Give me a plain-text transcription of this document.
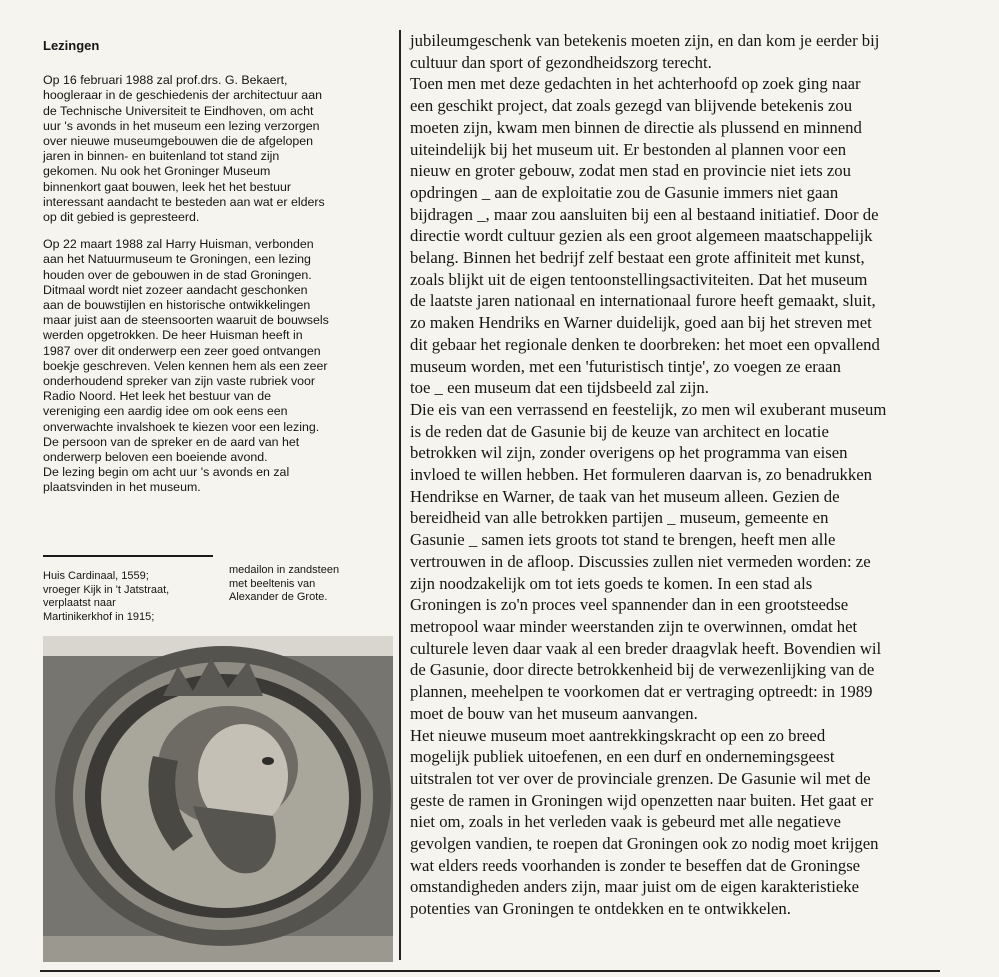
Lezingen

Op 16 februari 1988 zal prof.drs. G. Bekaert,
hoogleraar in de geschiedenis der architectuur aan
de Technische Universiteit te Eindhoven, om acht
uur 's avonds in het museum een lezing verzorgen
over nieuwe museumgebouwen die de afgelopen
jaren in binnen- en buitenland tot stand zijn
gekomen. Nu ook het Groninger Museum
binnenkort gaat bouwen, leek het het bestuur
interessant aandacht te besteden aan wat er elders
op dit gebied is gepresteerd.

Op 22 maart 1988 zal Harry Huisman, verbonden
aan het Natuurmuseum te Groningen, een lezing
houden over de gebouwen in de stad Groningen.
Ditmaal wordt niet zozeer aandacht geschonken
aan de bouwstijlen en historische ontwikkelingen
maar juist aan de steensoorten waaruit de bouwsels
werden opgetrokken. De heer Huisman heeft in
1987 over dit onderwerp een zeer goed ontvangen
boekje geschreven. Velen kennen hem als een zeer
onderhoudend spreker van zijn vaste rubriek voor
Radio Noord. Het leek het bestuur van de
vereniging een aardig idee om ook eens een
onverwachte invalshoek te kiezen voor een lezing.
De persoon van de spreker en de aard van het
onderwerp beloven een boeiende avond.
De lezing begin om acht uur 's avonds en zal
plaatsvinden in het museum.

Huis Cardinaal, 1559;
vroeger Kijk in 't Jatstraat,
verplaatst naar
Martinikerkhof in 1915;
medailon in zandsteen
met beeltenis van
Alexander de Grote.

jubileumgeschenk van betekenis moeten zijn, en dan kom je eerder bij
cultuur dan sport of gezondheidszorg terecht.

Toen men met deze gedachten in het achterhoofd op zoek ging naar
een geschikt project, dat zoals gezegd van blijvende betekenis zou
moeten zijn, kwam men binnen de directie als plussend en minnend
uiteindelijk bij het museum uit. Er bestonden al plannen voor een
nieuw en groter gebouw, zodat men stad en provincie niet iets zou
opdringen _ aan de exploitatie zou de Gasunie immers niet gaan
bijdragen _, maar zou aansluiten bij een al bestaand initiatief. Door de
directie wordt cultuur gezien als een groot algemeen maatschappelijk
belang. Binnen het bedrijf zelf bestaat een grote affiniteit met kunst,
zoals blijkt uit de eigen tentoonstellingsactiviteiten. Dat het museum
de laatste jaren nationaal en internationaal furore heeft gemaakt, sluit,
zo maken Hendriks en Warner duidelijk, goed aan bij het streven met
dit gebaar het regionale denken te doorbreken: het moet een opvallend
museum worden, met een 'futuristisch tintje', zo voegen ze eraan
toe _ een museum dat een tijdsbeeld zal zijn.

Die eis van een verrassend en feestelijk, zo men wil exuberant museum
is de reden dat de Gasunie bij de keuze van architect en locatie
betrokken wil zijn, zonder overigens op het programma van eisen
invloed te willen hebben. Het formuleren daarvan is, zo benadrukken
Hendrikse en Warner, de taak van het museum alleen. Gezien de
bereidheid van alle betrokken partijen _ museum, gemeente en
Gasunie _ samen iets groots tot stand te brengen, heeft men alle
vertrouwen in de afloop. Discussies zullen niet vermeden worden: ze
zijn noodzakelijk om tot iets goeds te komen. In een stad als
Groningen is zo'n proces veel spannender dan in een grootsteedse
metropool waar minder weerstanden zijn te overwinnen, omdat het
culturele leven daar vaak al een breder draagvlak heeft. Bovendien wil
de Gasunie, door directe betrokkenheid bij de verwezenlijking van de
plannen, meehelpen te voorkomen dat er vertraging optreedt: in 1989
moet de bouw van het museum aanvangen.

Het nieuwe museum moet aantrekkingskracht op een zo breed
mogelijk publiek uitoefenen, en een durf en ondernemingsgeest
uitstralen tot ver over de provinciale grenzen. De Gasunie wil met de
geste de ramen in Groningen wijd openzetten naar buiten. Het gaat er
niet om, zoals in het verleden vaak is gebeurd met alle negatieve
gevolgen vandien, te roepen dat Groningen ook zo nodig moet krijgen
wat elders reeds voorhanden is zonder te beseffen dat de Groningse
omstandigheden anders zijn, maar juist om de eigen karakteristieke
potenties van Groningen te ontdekken en te ontwikkelen.
